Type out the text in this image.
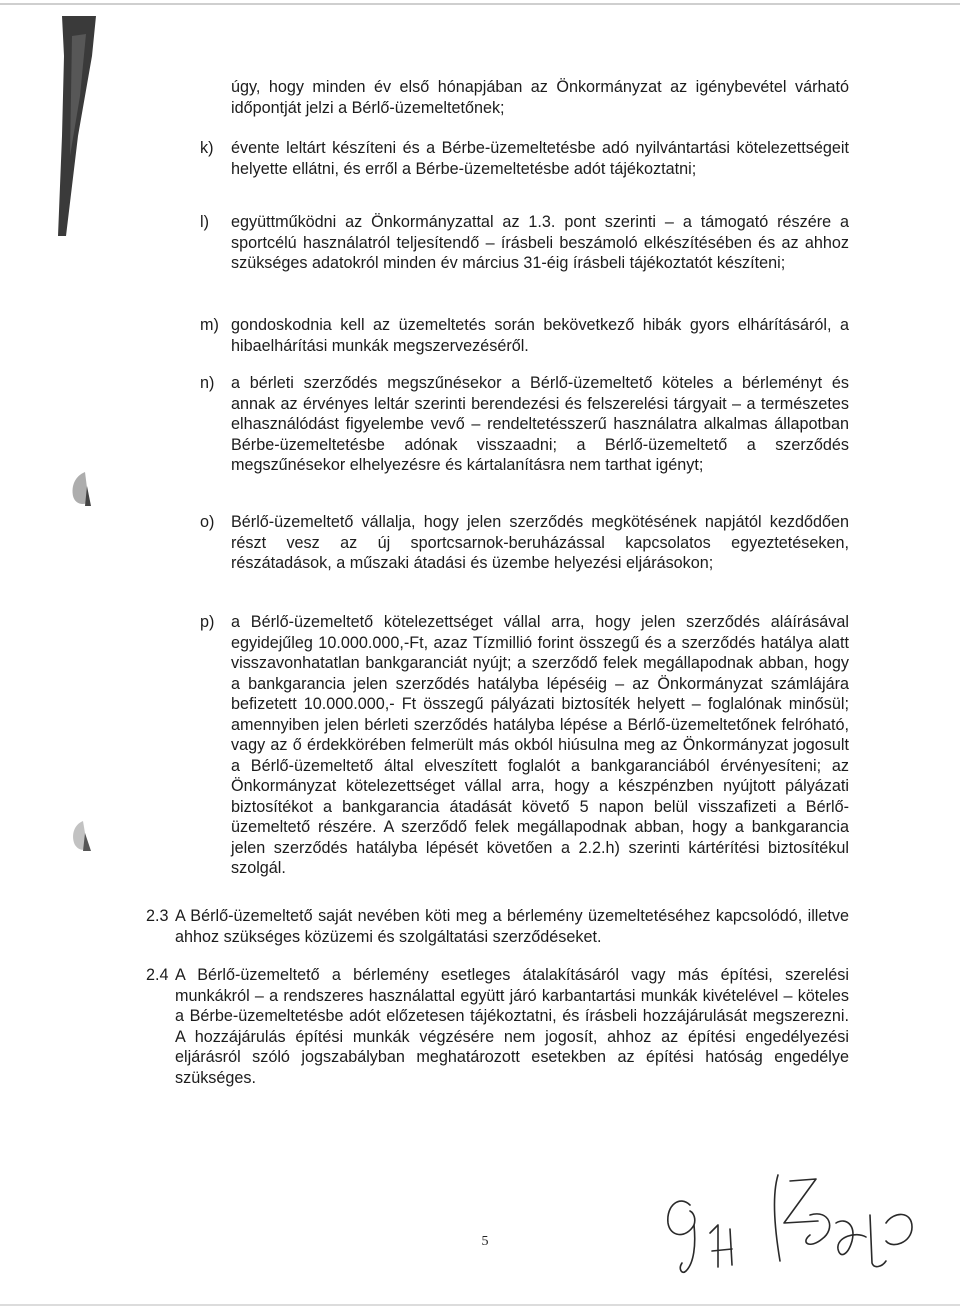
úgy, hogy minden év első hónapjában az Önkormányzat az igénybevétel várható időpontját jelzi a Bérlő-üzemeltetőnek;

k) évente leltárt készíteni és a Bérbe-üzemeltetésbe adó nyilvántartási kötelezettségeit helyette ellátni, és erről a Bérbe-üzemeltetésbe adót tájékoztatni;

l) együttműködni az Önkormányzattal az 1.3. pont szerinti – a támogató részére a sportcélú használatról teljesítendő – írásbeli beszámoló elkészítésében és az ahhoz szükséges adatokról minden év március 31-éig írásbeli tájékoztatót készíteni;

m) gondoskodnia kell az üzemeltetés során bekövetkező hibák gyors elhárításáról, a hibaelhárítási munkák megszervezéséről.

n) a bérleti szerződés megszűnésekor a Bérlő-üzemeltető köteles a bérleményt és annak az érvényes leltár szerinti berendezési és felszerelési tárgyait – a természetes elhasználódást figyelembe vevő – rendeltetésszerű használatra alkalmas állapotban Bérbe-üzemeltetésbe adónak visszaadni; a Bérlő-üzemeltető a szerződés megszűnésekor elhelyezésre és kártalanításra nem tarthat igényt;

o) Bérlő-üzemeltető vállalja, hogy jelen szerződés megkötésének napjától kezdődően részt vesz az új sportcsarnok-beruházással kapcsolatos egyeztetéseken, részátadások, a műszaki átadási és üzembe helyezési eljárásokon;

p) a Bérlő-üzemeltető kötelezettséget vállal arra, hogy jelen szerződés aláírásával egyidejűleg 10.000.000,-Ft, azaz Tízmillió forint összegű és a szerződés hatálya alatt visszavonhatatlan bankgaranciát nyújt; a szerződő felek megállapodnak abban, hogy a bankgarancia jelen szerződés hatályba lépéséig – az Önkormányzat számlájára befizetett 10.000.000,- Ft összegű pályázati biztosíték helyett – foglalónak minősül; amennyiben jelen bérleti szerződés hatályba lépése a Bérlő-üzemeltetőnek felróható, vagy az ő érdekkörében felmerült más okból hiúsulna meg az Önkormányzat jogosult a Bérlő-üzemeltető által elveszített foglalót a bankgaranciából érvényesíteni; az Önkormányzat kötelezettséget vállal arra, hogy a készpénzben nyújtott pályázati biztosítékot a bankgarancia átadását követő 5 napon belül visszafizeti a Bérlő-üzemeltető részére. A szerződő felek megállapodnak abban, hogy a bankgarancia jelen szerződés hatályba lépését követően a 2.2.h) szerinti kártérítési biztosítékul szolgál.

2.3 A Bérlő-üzemeltető saját nevében köti meg a bérlemény üzemeltetéséhez kapcsolódó, illetve ahhoz szükséges közüzemi és szolgáltatási szerződéseket.

2.4 A Bérlő-üzemeltető a bérlemény esetleges átalakításáról vagy más építési, szerelési munkákról – a rendszeres használattal együtt járó karbantartási munkák kivételével – köteles a Bérbe-üzemeltetésbe adót előzetesen tájékoztatni, és írásbeli hozzájárulását megszerezni. A hozzájárulás építési munkák végzésére nem jogosít, ahhoz az építési engedélyezési eljárásról szóló jogszabályban meghatározott esetekben az építési hatóság engedélye szükséges.

5
